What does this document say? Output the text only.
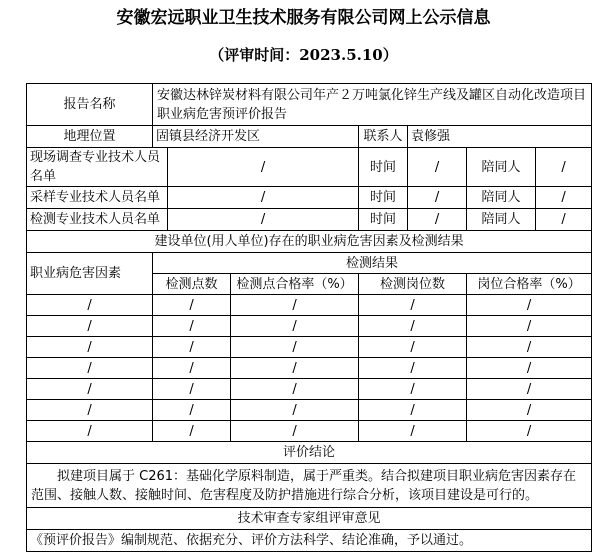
安徽宏远职业卫生技术服务有限公司网上公示信息
（评审时间：2023.5.10）
报告名称	安徽达林锌炭材料有限公司年产２万吨氯化锌生产线及罐区自动化改造项目职业病危害预评价报告						
地理位置	固镇县经济开发区			联系人	袁修强		
现场调查专业技术人员名单		/		时间	/	陪同人	/
采样专业技术人员名单		/		时间	/	陪同人	/
检测专业技术人员名单		/		时间	/	陪同人	/
建设单位(用人单位)存在的职业病危害因素及检测结果							
职业病危害因素	检测结果						
	检测点数		检测点合格率（%）	检测岗位数		岗位合格率（%）	
/	/		/	/		/	
/	/		/	/		/	
/	/		/	/		/	
/	/		/	/		/	
/	/		/	/		/	
/	/		/	/		/	
/	/		/	/		/	
评价结论							
拟建项目属于 C261：基础化学原料制造，属于严重类。结合拟建项目职业病危害因素存在范围、接触人数、接触时间、危害程度及防护措施进行综合分析，该项目建设是可行的。							
技术审查专家组评审意见							
《预评价报告》编制规范、依据充分、评价方法科学、结论准确，予以通过。							
